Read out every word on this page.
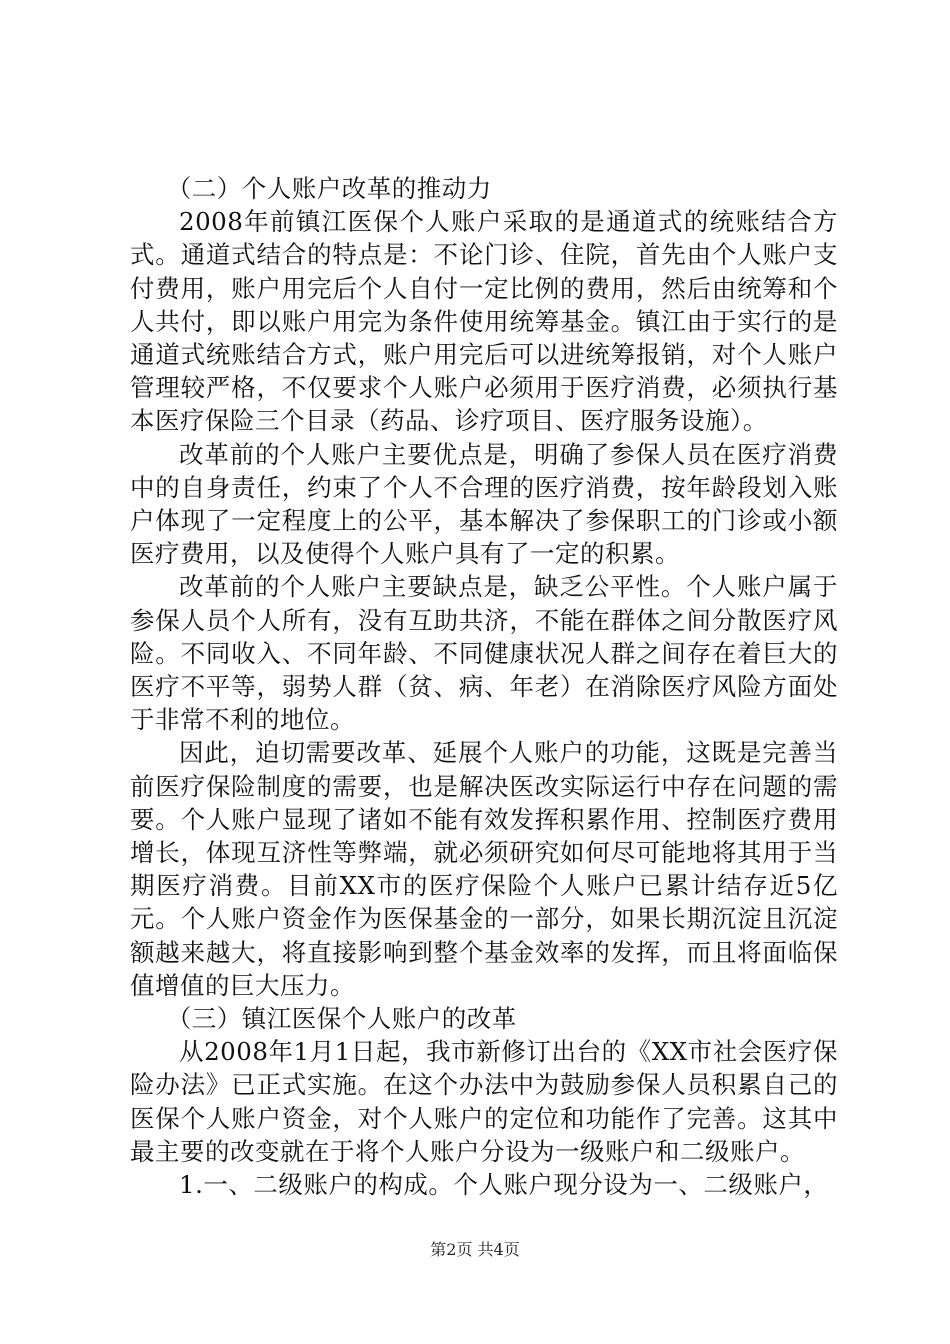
（二）个人账户改革的推动力

2008年前镇江医保个人账户采取的是通道式的统账结合方式。通道式结合的特点是：不论门诊、住院，首先由个人账户支付费用，账户用完后个人自付一定比例的费用，然后由统筹和个人共付，即以账户用完为条件使用统筹基金。镇江由于实行的是通道式统账结合方式，账户用完后可以进统筹报销，对个人账户管理较严格，不仅要求个人账户必须用于医疗消费，必须执行基本医疗保险三个目录（药品、诊疗项目、医疗服务设施）。

改革前的个人账户主要优点是，明确了参保人员在医疗消费中的自身责任，约束了个人不合理的医疗消费，按年龄段划入账户体现了一定程度上的公平，基本解决了参保职工的门诊或小额医疗费用，以及使得个人账户具有了一定的积累。

改革前的个人账户主要缺点是，缺乏公平性。个人账户属于参保人员个人所有，没有互助共济，不能在群体之间分散医疗风险。不同收入、不同年龄、不同健康状况人群之间存在着巨大的医疗不平等，弱势人群（贫、病、年老）在消除医疗风险方面处于非常不利的地位。

因此，迫切需要改革、延展个人账户的功能，这既是完善当前医疗保险制度的需要，也是解决医改实际运行中存在问题的需要。个人账户显现了诸如不能有效发挥积累作用、控制医疗费用增长，体现互济性等弊端，就必须研究如何尽可能地将其用于当期医疗消费。目前XX市的医疗保险个人账户已累计结存近5亿元。个人账户资金作为医保基金的一部分，如果长期沉淀且沉淀额越来越大，将直接影响到整个基金效率的发挥，而且将面临保值增值的巨大压力。

（三）镇江医保个人账户的改革

从2008年1月1日起，我市新修订出台的《XX市社会医疗保险办法》已正式实施。在这个办法中为鼓励参保人员积累自己的医保个人账户资金，对个人账户的定位和功能作了完善。这其中最主要的改变就在于将个人账户分设为一级账户和二级账户。

1.一、二级账户的构成。个人账户现分设为一、二级账户，

第2页 共4页
